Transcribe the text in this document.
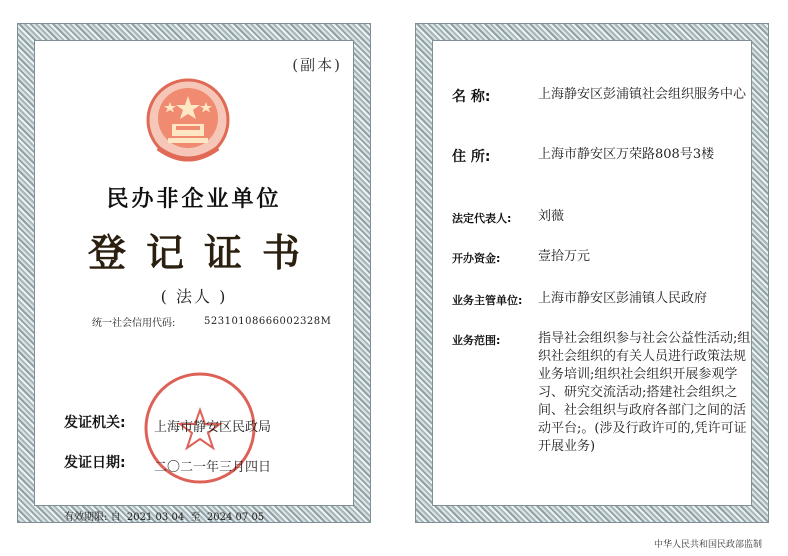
(副本)
民办非企业单位
登记证书
( 法人 )
统一社会信用代码:	52310108666002328M
发证机关: 上海市静安区民政局
发证日期: 二〇二一年三月四日
有效期限: 自 2021 03 04 至 2024 07 05
名 称:	上海静安区彭浦镇社会组织服务中心
住 所:	上海市静安区万荣路808号3楼
法定代表人: 刘薇
开办资金:	壹拾万元
业务主管单位: 上海市静安区彭浦镇人民政府
业务范围:	指导社会组织参与社会公益性活动;组织社会组织的有关人员进行政策法规业务培训;组织社会组织开展参观学习、研究交流活动;搭建社会组织之间、社会组织与政府各部门之间的活动平台;。(涉及行政许可的,凭许可证开展业务)
中华人民共和国民政部监制
